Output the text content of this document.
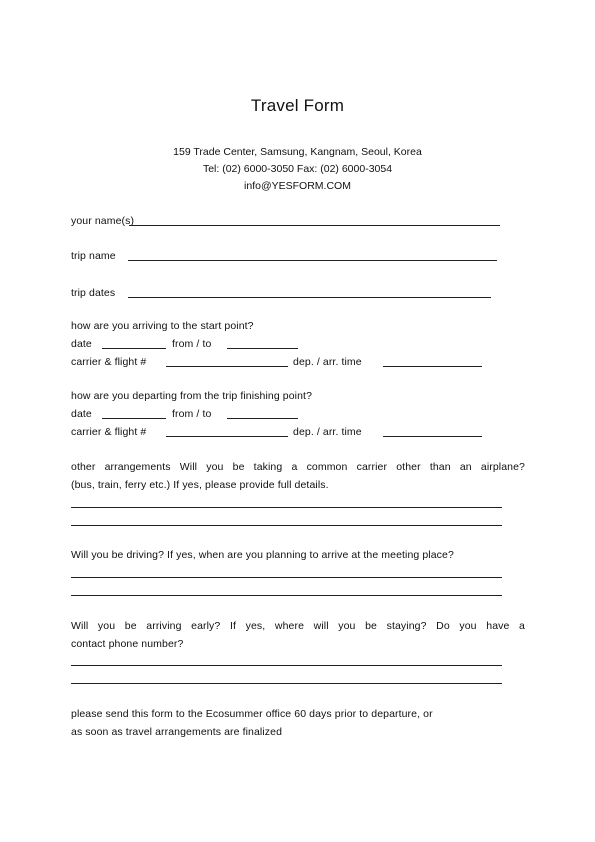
Travel Form
159 Trade Center, Samsung, Kangnam, Seoul, Korea
Tel: (02) 6000-3050 Fax: (02) 6000-3054
info@YESFORM.COM
your name(s)
trip name
trip dates
how are you arriving to the start point?
date	from / to
carrier & flight #	dep. / arr. time
how are you departing from the trip finishing point?
date	from / to
carrier & flight #	dep. / arr. time
other arrangements Will you be taking a common carrier other than an airplane?
(bus, train, ferry etc.) If yes, please provide full details.
Will you be driving? If yes, when are you planning to arrive at the meeting place?
Will you be arriving early? If yes, where will you be staying? Do you have a
contact phone number?
please send this form to the Ecosummer office 60 days prior to departure, or
as soon as travel arrangements are finalized
